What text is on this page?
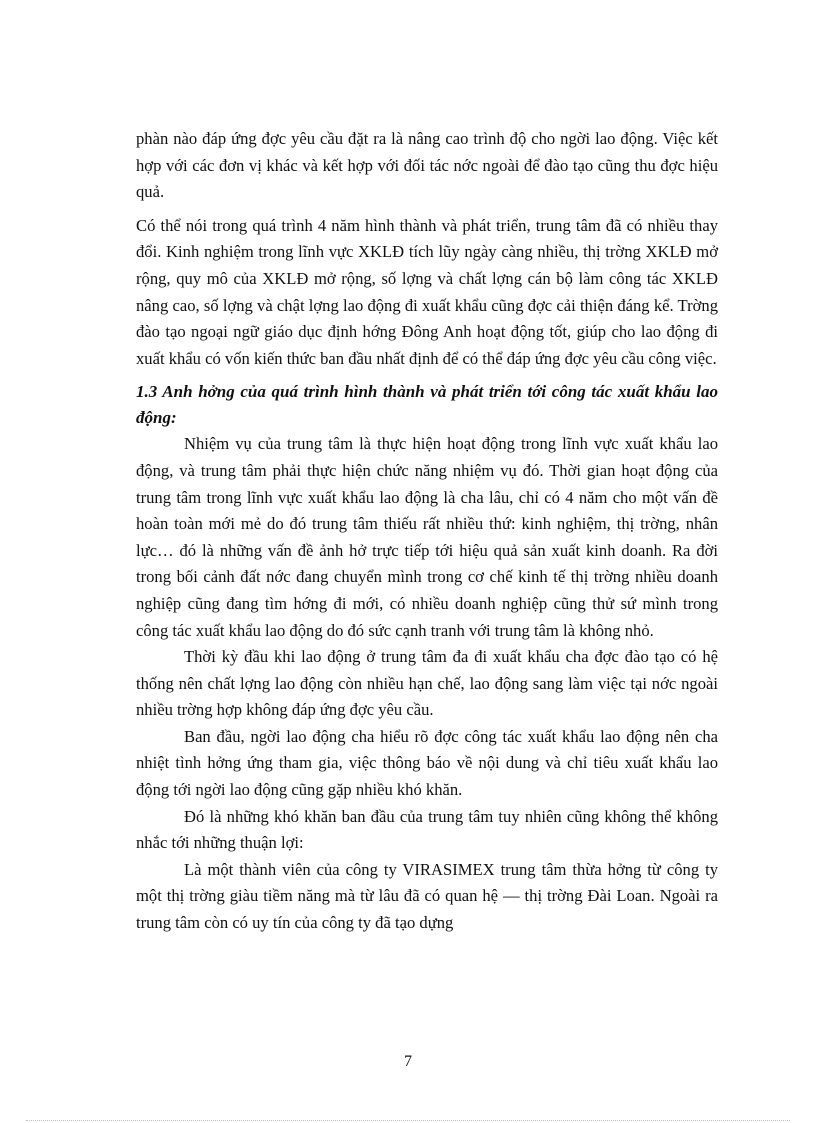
phàn nào đáp ứng đợc yêu cầu đặt ra là nâng cao trình độ cho ngời lao động. Việc kết hợp với các đơn vị khác và kết hợp với đối tác nớc ngoài để đào tạo cũng thu đợc hiệu quả.

Có thể nói trong quá trình 4 năm hình thành và phát triển, trung tâm đã có nhiều thay đổi. Kinh nghiệm trong lĩnh vực XKLĐ tích lũy ngày càng nhiều, thị trờng XKLĐ mở rộng, quy mô của XKLĐ mở rộng, số lợng và chất lợng cán bộ làm công tác XKLĐ nâng cao, số lợng và chật lợng lao động đi xuất khẩu cũng đợc cải thiện đáng kể. Trờng đào tạo ngoại ngữ giáo dục định hớng Đông Anh hoạt động tốt, giúp cho lao động đi xuất khẩu có vốn kiến thức ban đầu nhất định để có thể đáp ứng đợc yêu cầu công việc.

1.3 Anh hởng của quá trình hình thành và phát triển tới công tác xuất khẩu lao động:

Nhiệm vụ của trung tâm là thực hiện hoạt động trong lĩnh vực xuất khẩu lao động, và trung tâm phải thực hiện chức năng nhiệm vụ đó. Thời gian hoạt động của trung tâm trong lĩnh vực xuất khẩu lao động là cha lâu, chỉ có 4 năm cho một vấn đề hoàn toàn mới mẻ do đó trung tâm thiếu rất nhiều thứ: kinh nghiệm, thị trờng, nhân lực… đó là những vấn đề ảnh hở trực tiếp tới hiệu quả sản xuất kinh doanh. Ra đời trong bối cảnh đất nớc đang chuyển mình trong cơ chế kinh tế thị trờng nhiều doanh nghiệp cũng đang tìm hớng đi mới, có nhiều doanh nghiệp cũng thử sứ mình trong công tác xuất khẩu lao động do đó sức cạnh tranh với trung tâm là không nhỏ.

Thời kỳ đầu khi lao động ở trung tâm đa đi xuất khẩu cha đợc đào tạo có hệ thống nên chất lợng lao động còn nhiều hạn chế, lao động sang làm việc tại nớc ngoài nhiều trờng hợp không đáp ứng đợc yêu cầu.

Ban đầu, ngời lao động cha hiểu rõ đợc công tác xuất khẩu lao động nên cha nhiệt tình hởng ứng tham gia, việc thông báo về nội dung và chỉ tiêu xuất khẩu lao động tới ngời lao động cũng gặp nhiều khó khăn.

Đó là những khó khăn ban đầu của trung tâm tuy nhiên cũng không thể không nhắc tới những thuận lợi:

Là một thành viên của công ty VIRASIMEX trung tâm thừa hởng từ công ty một thị trờng giàu tiềm năng mà từ lâu đã có quan hệ — thị trờng Đài Loan. Ngoài ra trung tâm còn có uy tín của công ty đã tạo dựng

7
